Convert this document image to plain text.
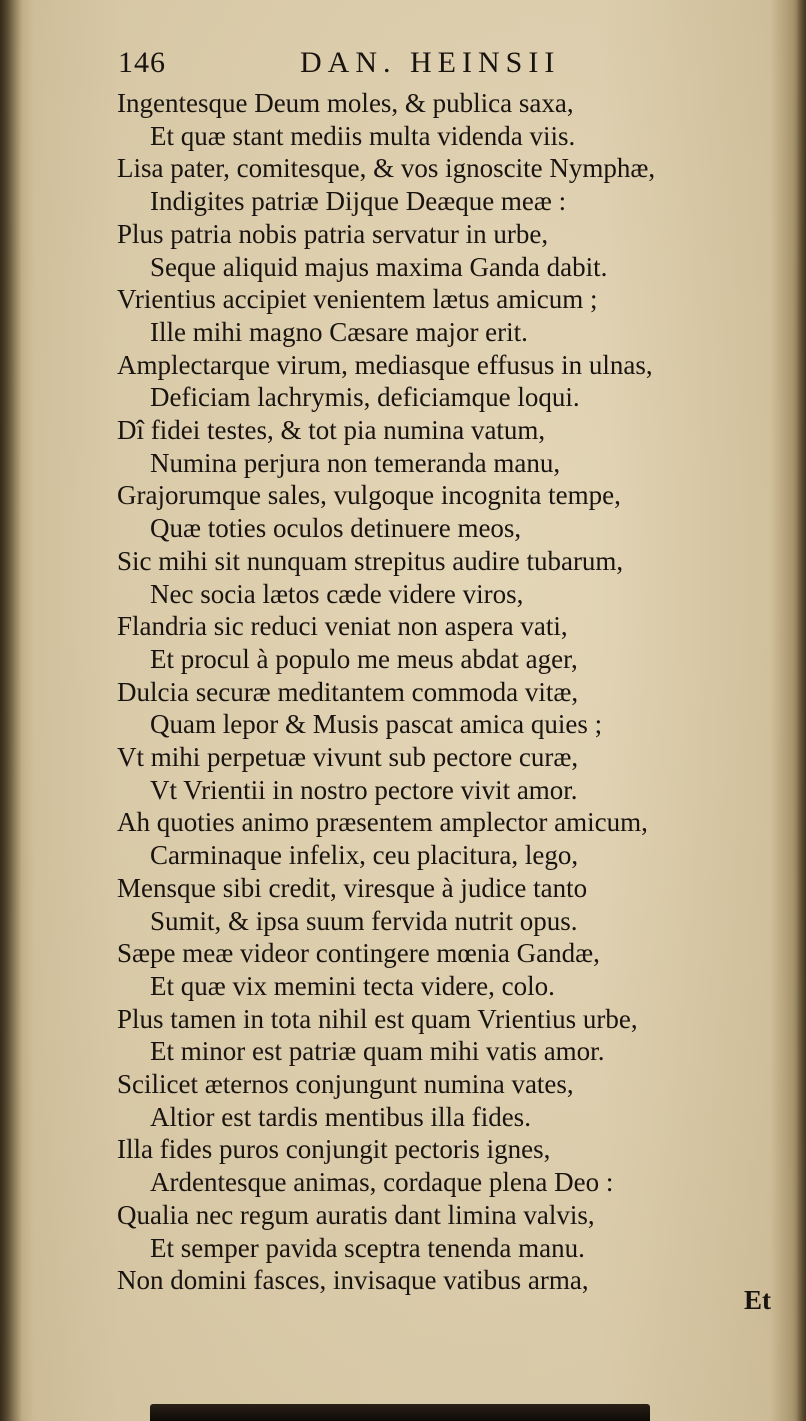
146	DAN. HEINSII
Ingentesque Deum moles, & publica saxa,
Et quæ stant mediis multa videnda viis.
Lisa pater, comitesque, & vos ignoscite Nymphæ,
Indigites patriæ Dijque Deæque meæ :
Plus patria nobis patria servatur in urbe,
Seque aliquid majus maxima Ganda dabit.
Vrientius accipiet venientem lætus amicum ;
Ille mihi magno Cæsare major erit.
Amplectarque virum, mediasque effusus in ulnas,
Deficiam lachrymis, deficiamque loqui.
Dî fidei testes, & tot pia numina vatum,
Numina perjura non temeranda manu,
Grajorumque sales, vulgoque incognita tempe,
Quæ toties oculos detinuere meos,
Sic mihi sit nunquam strepitus audire tubarum,
Nec socia lætos cæde videre viros,
Flandria sic reduci veniat non aspera vati,
Et procul à populo me meus abdat ager,
Dulcia securæ meditantem commoda vitæ,
Quam lepor & Musis pascat amica quies ;
Vt mihi perpetuæ vivunt sub pectore curæ,
Vt Vrientii in nostro pectore vivit amor.
Ah quoties animo præsentem amplector amicum,
Carminaque infelix, ceu placitura, lego,
Mensque sibi credit, viresque à judice tanto
Sumit, & ipsa suum fervida nutrit opus.
Sæpe meæ videor contingere mœnia Gandæ,
Et quæ vix memini tecta videre, colo.
Plus tamen in tota nihil est quam Vrientius urbe,
Et minor est patriæ quam mihi vatis amor.
Scilicet æternos conjungunt numina vates,
Altior est tardis mentibus illa fides.
Illa fides puros conjungit pectoris ignes,
Ardentesque animas, cordaque plena Deo :
Qualia nec regum auratis dant limina valvis,
Et semper pavida sceptra tenenda manu.
Non domini fasces, invisaque vatibus arma,
Et
